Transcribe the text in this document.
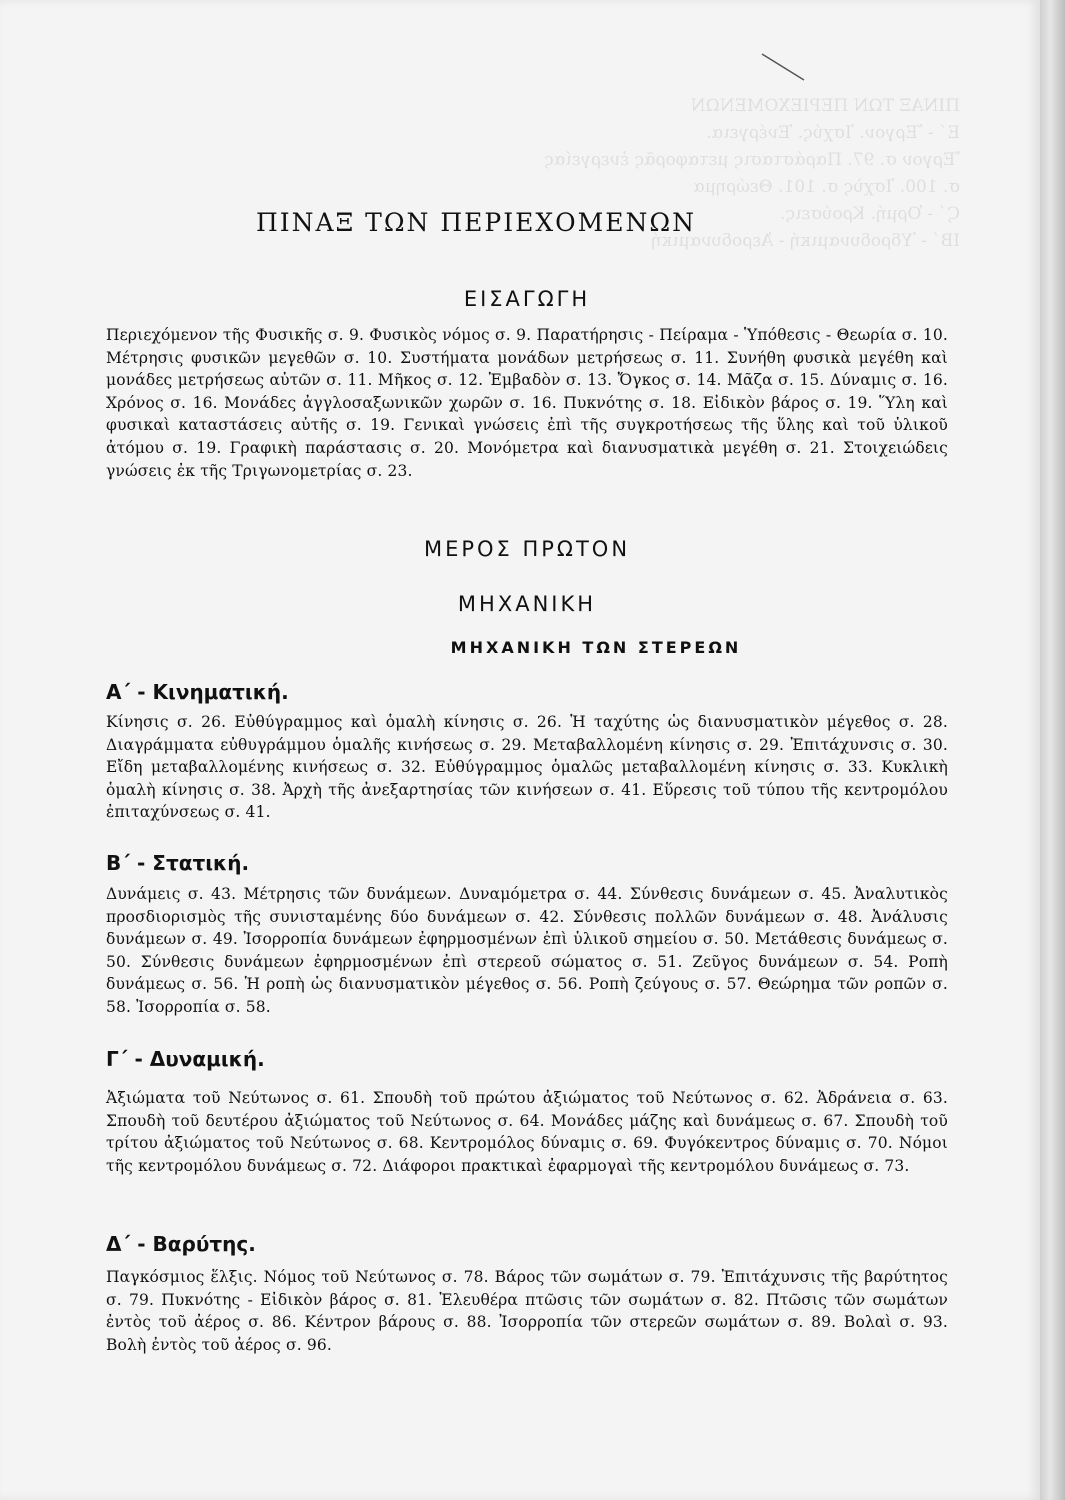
ΠΙΝΑΞ ΤΩΝ ΠΕΡΙΕΧΟΜΕΝΩΝ
Ε΄ - Ἔργον. Ἰσχύς. Ἐνέργεια.
Ἔργον σ. 97. Παράστασις μεταφορᾶς ἐνεργείας
σ. 100. Ἰσχὺς σ. 101. Θεώρημα
Ϛ΄ - Ὁρμή. Κρούσεις.
ΙΒ΄ - Ὑδροδυναμική - Ἀεροδυναμική
ΠΙΝΑΞ ΤΩΝ ΠΕΡΙΕΧΟΜΕΝΩΝ
ΕΙΣΑΓΩΓΗ
Περιεχόμενον τῆς Φυσικῆς σ. 9. Φυσικὸς νόμος σ. 9. Παρατήρησις - Πείραμα - Ὑπόθεσις - Θεωρία σ. 10. Μέτρησις φυσικῶν μεγεθῶν σ. 10. Συστήματα μονάδων μετρήσεως σ. 11. Συνήθη φυσικὰ μεγέθη καὶ μονάδες μετρήσεως αὐτῶν σ. 11. Μῆκος σ. 12. Ἐμβαδὸν σ. 13. Ὄγκος σ. 14. Μᾶζα σ. 15. Δύναμις σ. 16. Χρόνος σ. 16. Μονάδες ἀγγλοσαξωνικῶν χωρῶν σ. 16. Πυκνότης σ. 18. Εἰδικὸν βάρος σ. 19. Ὕλη καὶ φυσικαὶ καταστάσεις αὐτῆς σ. 19. Γενικαὶ γνώσεις ἐπὶ τῆς συγκροτήσεως τῆς ὕλης καὶ τοῦ ὑλικοῦ ἀτόμου σ. 19. Γραφικὴ παράστασις σ. 20. Μονόμετρα καὶ διανυσματικὰ μεγέθη σ. 21. Στοιχειώδεις γνώσεις ἐκ τῆς Τριγωνομετρίας σ. 23.
ΜΕΡΟΣ ΠΡΩΤΟΝ
ΜΗΧΑΝΙΚΗ
ΜΗΧΑΝΙΚΗ ΤΩΝ ΣΤΕΡΕΩΝ
Α΄ - Κινηματική.
Κίνησις σ. 26. Εὐθύγραμμος καὶ ὁμαλὴ κίνησις σ. 26. Ἡ ταχύτης ὡς διανυσματικὸν μέγεθος σ. 28. Διαγράμματα εὐθυγράμμου ὁμαλῆς κινήσεως σ. 29. Μεταβαλλομένη κίνησις σ. 29. Ἐπιτάχυνσις σ. 30. Εἴδη μεταβαλλομένης κινήσεως σ. 32. Εὐθύγραμμος ὁμαλῶς μεταβαλλομένη κίνησις σ. 33. Κυκλικὴ ὁμαλὴ κίνησις σ. 38. Ἀρχὴ τῆς ἀνεξαρτησίας τῶν κινήσεων σ. 41. Εὕρεσις τοῦ τύπου τῆς κεντρομόλου ἐπιταχύνσεως σ. 41.
Β΄ - Στατική.
Δυνάμεις σ. 43. Μέτρησις τῶν δυνάμεων. Δυναμόμετρα σ. 44. Σύνθεσις δυνάμεων σ. 45. Ἀναλυτικὸς προσδιορισμὸς τῆς συνισταμένης δύο δυνάμεων σ. 42. Σύνθεσις πολλῶν δυνάμεων σ. 48. Ἀνάλυσις δυνάμεων σ. 49. Ἰσορροπία δυνάμεων ἐφηρμοσμένων ἐπὶ ὑλικοῦ σημείου σ. 50. Μετάθεσις δυνάμεως σ. 50. Σύνθεσις δυνάμεων ἐφηρμοσμένων ἐπὶ στερεοῦ σώματος σ. 51. Ζεῦγος δυνάμεων σ. 54. Ροπὴ δυνάμεως σ. 56. Ἡ ροπὴ ὡς διανυσματικὸν μέγεθος σ. 56. Ροπὴ ζεύγους σ. 57. Θεώρημα τῶν ροπῶν σ. 58. Ἰσορροπία σ. 58.
Γ΄ - Δυναμική.
Ἀξιώματα τοῦ Νεύτωνος σ. 61. Σπουδὴ τοῦ πρώτου ἀξιώματος τοῦ Νεύτωνος σ. 62. Ἀδράνεια σ. 63. Σπουδὴ τοῦ δευτέρου ἀξιώματος τοῦ Νεύτωνος σ. 64. Μονάδες μάζης καὶ δυνάμεως σ. 67. Σπουδὴ τοῦ τρίτου ἀξιώματος τοῦ Νεύτωνος σ. 68. Κεντρομόλος δύναμις σ. 69. Φυγόκεντρος δύναμις σ. 70. Νόμοι τῆς κεντρομόλου δυνάμεως σ. 72. Διάφοροι πρακτικαὶ ἐφαρμογαὶ τῆς κεντρομόλου δυνάμεως σ. 73.
Δ΄ - Βαρύτης.
Παγκόσμιος ἕλξις. Νόμος τοῦ Νεύτωνος σ. 78. Βάρος τῶν σωμάτων σ. 79. Ἐπιτάχυνσις τῆς βαρύτητος σ. 79. Πυκνότης - Εἰδικὸν βάρος σ. 81. Ἐλευθέρα πτῶσις τῶν σωμάτων σ. 82. Πτῶσις τῶν σωμάτων ἐντὸς τοῦ ἀέρος σ. 86. Κέντρον βάρους σ. 88. Ἰσορροπία τῶν στερεῶν σωμάτων σ. 89. Βολαὶ σ. 93. Βολὴ ἐντὸς τοῦ ἀέρος σ. 96.
